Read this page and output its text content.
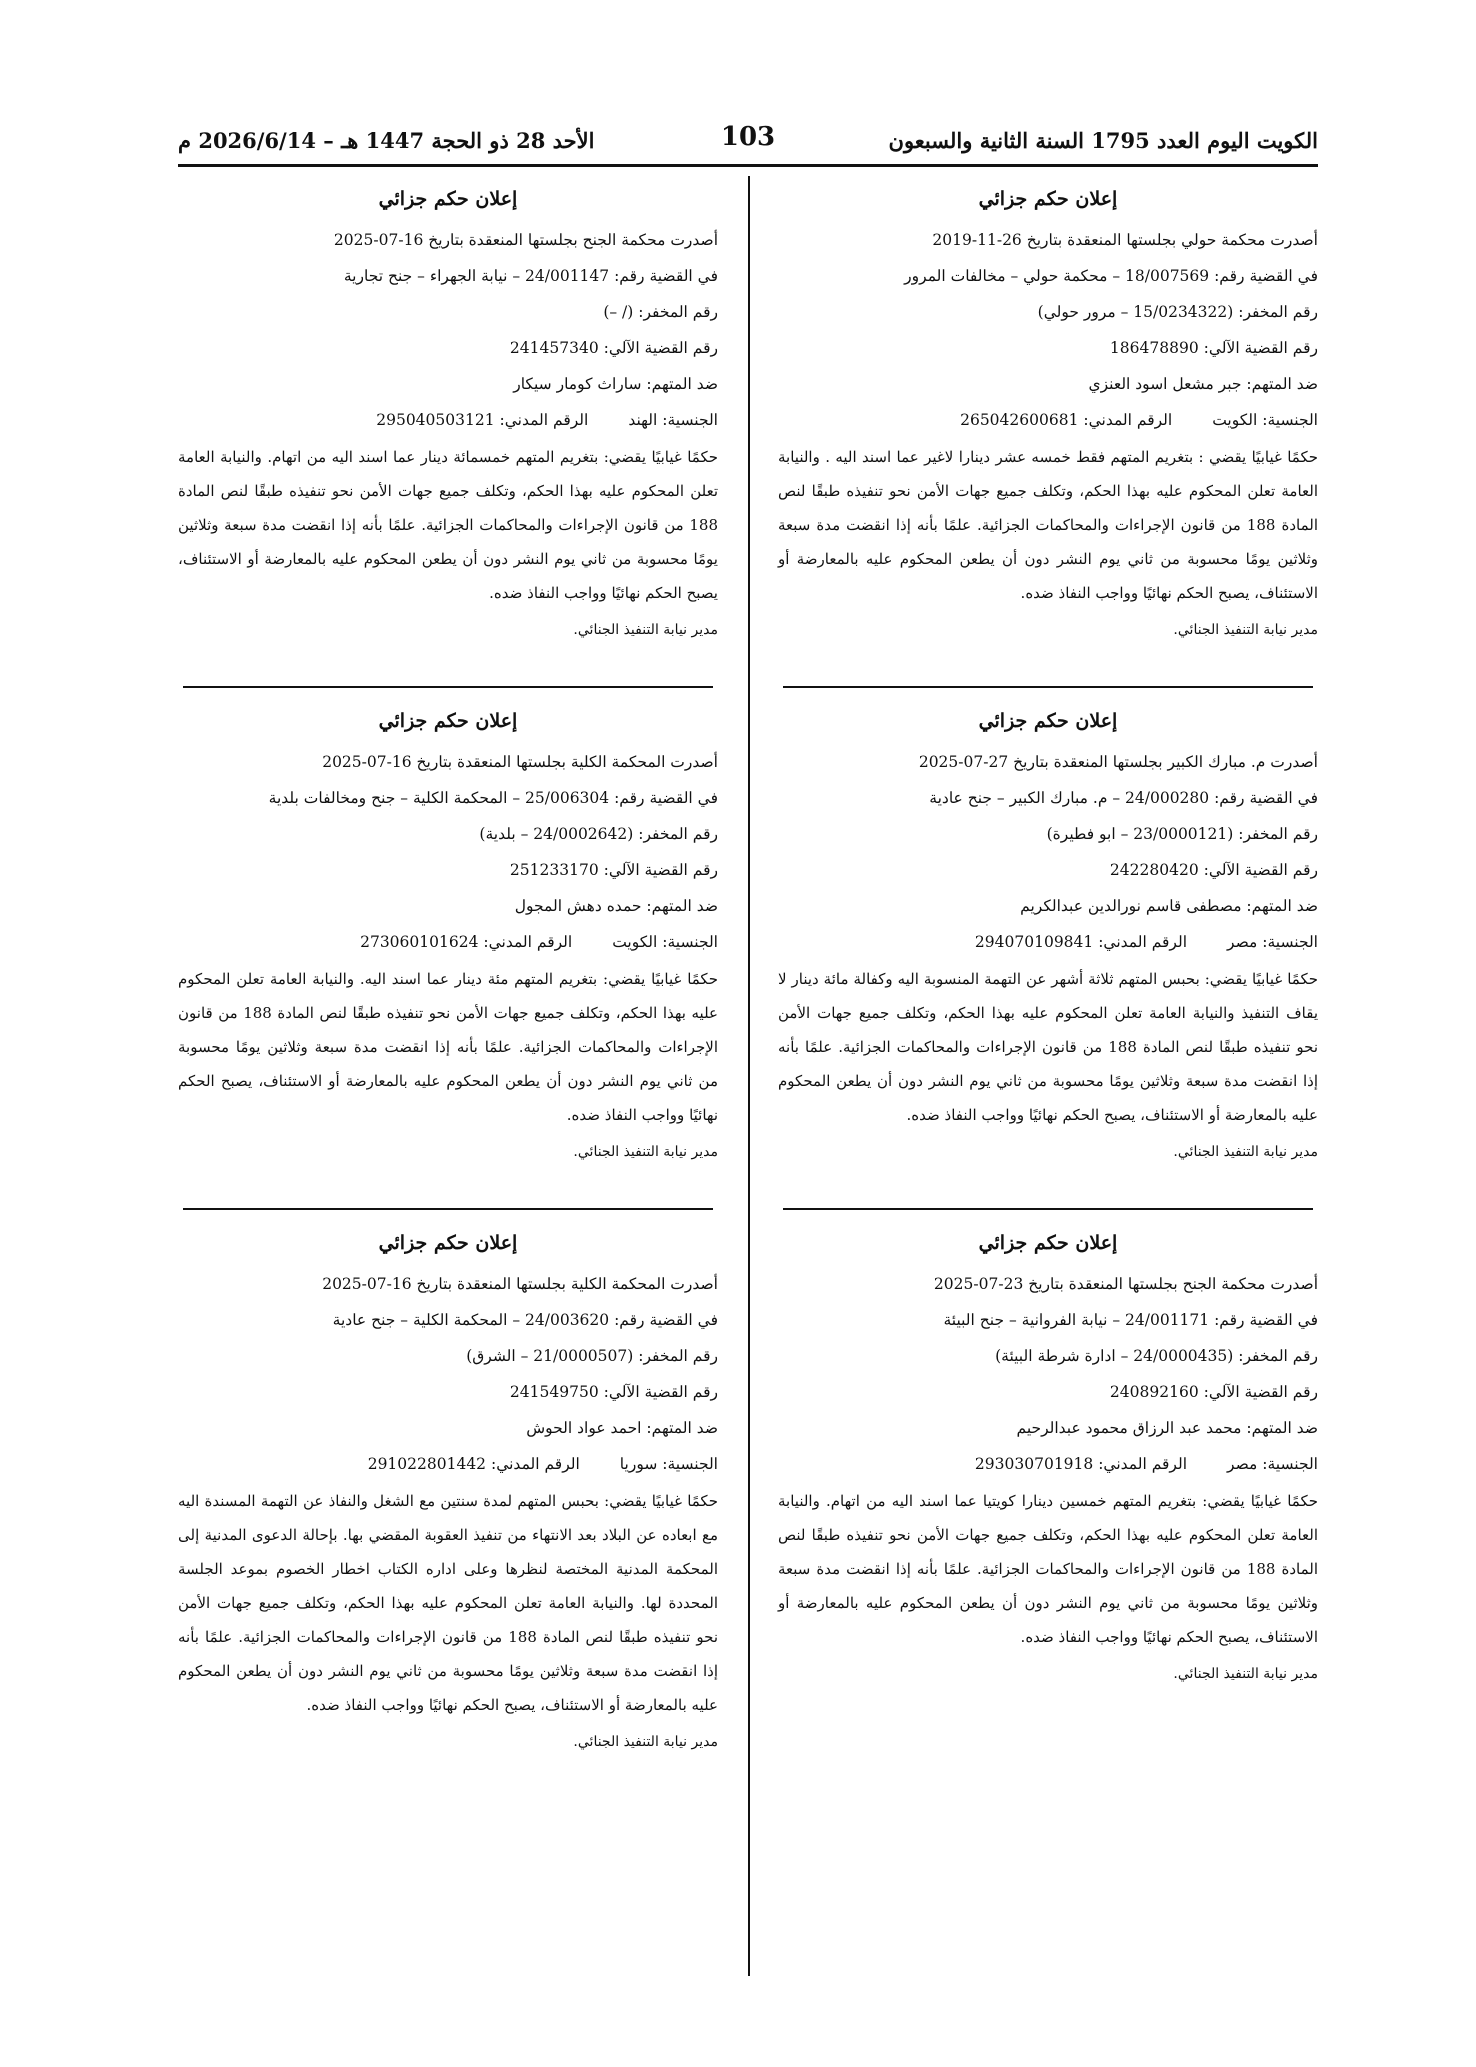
الكويت اليوم العدد 1795 السنة الثانية والسبعون
103
الأحد 28 ذو الحجة 1447 هـ – 2026/6/14 م
إعلان حكم جزائي
أصدرت محكمة حولي بجلستها المنعقدة بتاريخ 26-11-2019
في القضية رقم: 18/007569 – محكمة حولي – مخالفات المرور
رقم المخفر: (15/0234322 – مرور حولي)
رقم القضية الآلي: 186478890
ضد المتهم: جبر مشعل اسود العنزي
الجنسية: الكويت
الرقم المدني: 265042600681
حكمًا غيابيًا يقضي : بتغريم المتهم فقط خمسه عشر دينارا لاغير عما اسند اليه . والنيابة العامة تعلن المحكوم عليه بهذا الحكم، وتكلف جميع جهات الأمن نحو تنفيذه طبقًا لنص المادة 188 من قانون الإجراءات والمحاكمات الجزائية. علمًا بأنه إذا انقضت مدة سبعة وثلاثين يومًا محسوبة من ثاني يوم النشر دون أن يطعن المحكوم عليه بالمعارضة أو الاستئناف، يصبح الحكم نهائيًا وواجب النفاذ ضده.
مدير نيابة التنفيذ الجنائي.
إعلان حكم جزائي
أصدرت م. مبارك الكبير بجلستها المنعقدة بتاريخ 27-07-2025
في القضية رقم: 24/000280 – م. مبارك الكبير – جنح عادية
رقم المخفر: (23/0000121 – ابو فطيرة)
رقم القضية الآلي: 242280420
ضد المتهم: مصطفى قاسم نورالدين عبدالكريم
الجنسية: مصر
الرقم المدني: 294070109841
حكمًا غيابيًا يقضي: بحبس المتهم ثلاثة أشهر عن التهمة المنسوبة اليه وكفالة مائة دينار لا يقاف التنفيذ والنيابة العامة تعلن المحكوم عليه بهذا الحكم، وتكلف جميع جهات الأمن نحو تنفيذه طبقًا لنص المادة 188 من قانون الإجراءات والمحاكمات الجزائية. علمًا بأنه إذا انقضت مدة سبعة وثلاثين يومًا محسوبة من ثاني يوم النشر دون أن يطعن المحكوم عليه بالمعارضة أو الاستئناف، يصبح الحكم نهائيًا وواجب النفاذ ضده.
مدير نيابة التنفيذ الجنائي.
إعلان حكم جزائي
أصدرت محكمة الجنح بجلستها المنعقدة بتاريخ 23-07-2025
في القضية رقم: 24/001171 – نيابة الفروانية – جنح البيئة
رقم المخفر: (24/0000435 – ادارة شرطة البيئة)
رقم القضية الآلي: 240892160
ضد المتهم: محمد عبد الرزاق محمود عبدالرحيم
الجنسية: مصر
الرقم المدني: 293030701918
حكمًا غيابيًا يقضي: بتغريم المتهم خمسين دينارا كويتيا عما اسند اليه من اتهام. والنيابة العامة تعلن المحكوم عليه بهذا الحكم، وتكلف جميع جهات الأمن نحو تنفيذه طبقًا لنص المادة 188 من قانون الإجراءات والمحاكمات الجزائية. علمًا بأنه إذا انقضت مدة سبعة وثلاثين يومًا محسوبة من ثاني يوم النشر دون أن يطعن المحكوم عليه بالمعارضة أو الاستئناف، يصبح الحكم نهائيًا وواجب النفاذ ضده.
مدير نيابة التنفيذ الجنائي.
إعلان حكم جزائي
أصدرت محكمة الجنح بجلستها المنعقدة بتاريخ 16-07-2025
في القضية رقم: 24/001147 – نيابة الجهراء – جنح تجارية
رقم المخفر: (/ –)
رقم القضية الآلي: 241457340
ضد المتهم: ساراث كومار سيكار
الجنسية: الهند
الرقم المدني: 295040503121
حكمًا غيابيًا يقضي: بتغريم المتهم خمسمائة دينار عما اسند اليه من اتهام. والنيابة العامة تعلن المحكوم عليه بهذا الحكم، وتكلف جميع جهات الأمن نحو تنفيذه طبقًا لنص المادة 188 من قانون الإجراءات والمحاكمات الجزائية. علمًا بأنه إذا انقضت مدة سبعة وثلاثين يومًا محسوبة من ثاني يوم النشر دون أن يطعن المحكوم عليه بالمعارضة أو الاستئناف، يصبح الحكم نهائيًا وواجب النفاذ ضده.
مدير نيابة التنفيذ الجنائي.
إعلان حكم جزائي
أصدرت المحكمة الكلية بجلستها المنعقدة بتاريخ 16-07-2025
في القضية رقم: 25/006304 – المحكمة الكلية – جنح ومخالفات بلدية
رقم المخفر: (24/0002642 – بلدية)
رقم القضية الآلي: 251233170
ضد المتهم: حمده دهش المجول
الجنسية: الكويت
الرقم المدني: 273060101624
حكمًا غيابيًا يقضي: بتغريم المتهم مئة دينار عما اسند اليه. والنيابة العامة تعلن المحكوم عليه بهذا الحكم، وتكلف جميع جهات الأمن نحو تنفيذه طبقًا لنص المادة 188 من قانون الإجراءات والمحاكمات الجزائية. علمًا بأنه إذا انقضت مدة سبعة وثلاثين يومًا محسوبة من ثاني يوم النشر دون أن يطعن المحكوم عليه بالمعارضة أو الاستئناف، يصبح الحكم نهائيًا وواجب النفاذ ضده.
مدير نيابة التنفيذ الجنائي.
إعلان حكم جزائي
أصدرت المحكمة الكلية بجلستها المنعقدة بتاريخ 16-07-2025
في القضية رقم: 24/003620 – المحكمة الكلية – جنح عادية
رقم المخفر: (21/0000507 – الشرق)
رقم القضية الآلي: 241549750
ضد المتهم: احمد عواد الحوش
الجنسية: سوريا
الرقم المدني: 291022801442
حكمًا غيابيًا يقضي: بحبس المتهم لمدة سنتين مع الشغل والنفاذ عن التهمة المسندة اليه مع ابعاده عن البلاد بعد الانتهاء من تنفيذ العقوبة المقضي بها. بإحالة الدعوى المدنية إلى المحكمة المدنية المختصة لنظرها وعلى اداره الكتاب اخطار الخصوم بموعد الجلسة المحددة لها. والنيابة العامة تعلن المحكوم عليه بهذا الحكم، وتكلف جميع جهات الأمن نحو تنفيذه طبقًا لنص المادة 188 من قانون الإجراءات والمحاكمات الجزائية. علمًا بأنه إذا انقضت مدة سبعة وثلاثين يومًا محسوبة من ثاني يوم النشر دون أن يطعن المحكوم عليه بالمعارضة أو الاستئناف، يصبح الحكم نهائيًا وواجب النفاذ ضده.
مدير نيابة التنفيذ الجنائي.
